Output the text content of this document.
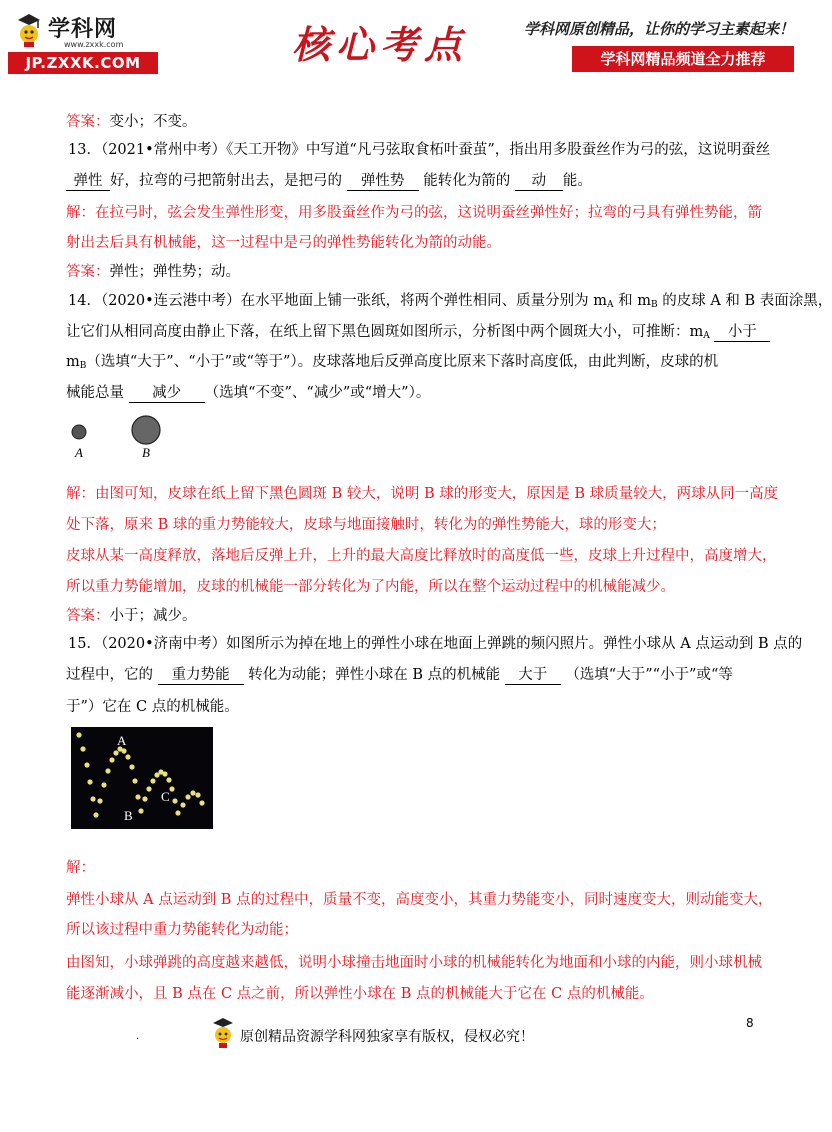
学科网
www.zxxk.com
JP.ZXXK.COM	核心考点	学科网原创精品，让你的学习主素起来！
学科网精品频道全力推荐
答案：变小；不变。
13．（2021•常州中考）《天工开物》中写道“凡弓弦取食柘叶蚕茧”，指出用多股蚕丝作为弓的弦，这说明蚕丝
弹性 好，拉弯的弓把箭射出去，是把弓的 弹性势 能转化为箭的 动 能。
解：在拉弓时，弦会发生弹性形变，用多股蚕丝作为弓的弦，这说明蚕丝弹性好；拉弯的弓具有弹性势能，箭
射出去后具有机械能，这一过程中是弓的弹性势能转化为箭的动能。
答案：弹性；弹性势；动。
14．（2020•连云港中考）在水平地面上铺一张纸，将两个弹性相同、质量分别为 $m_A$ 和 $m_B$ 的皮球 A 和 B 表面涂黑，
让它们从相同高度由静止下落，在纸上留下黑色圆斑如图所示，分析图中两个圆斑大小，可推断：$m_A$ 小于
$m_B$（选填“大于”、“小于”或“等于”）。皮球落地后反弹高度比原来下落时高度低，由此判断，皮球的机
械能总量 减少 （选填“不变”、“减少”或“增大”）。
A	B
解：由图可知，皮球在纸上留下黑色圆斑 B 较大，说明 B 球的形变大，原因是 B 球质量较大，两球从同一高度
处下落，原来 B 球的重力势能较大，皮球与地面接触时，转化为的弹性势能大，球的形变大；
皮球从某一高度释放，落地后反弹上升，上升的最大高度比释放时的高度低一些，皮球上升过程中，高度增大，
所以重力势能增加，皮球的机械能一部分转化为了内能，所以在整个运动过程中的机械能减少。
答案：小于；减少。
15．（2020•济南中考）如图所示为掉在地上的弹性小球在地面上弹跳的频闪照片。弹性小球从 A 点运动到 B 点的
过程中，它的 重力势能 转化为动能；弹性小球在 B 点的机械能 大于 （选填“大于”“小于”或“等
于”）它在 C 点的机械能。
A
B
C
解：
弹性小球从 A 点运动到 B 点的过程中，质量不变，高度变小，其重力势能变小，同时速度变大，则动能变大，
所以该过程中重力势能转化为动能；
由图知，小球弹跳的高度越来越低，说明小球撞击地面时小球的机械能转化为地面和小球的内能，则小球机械
能逐渐减小，且 B 点在 C 点之前，所以弹性小球在 B 点的机械能大于它在 C 点的机械能。
8
.	原创精品资源学科网独家享有版权，侵权必究！
